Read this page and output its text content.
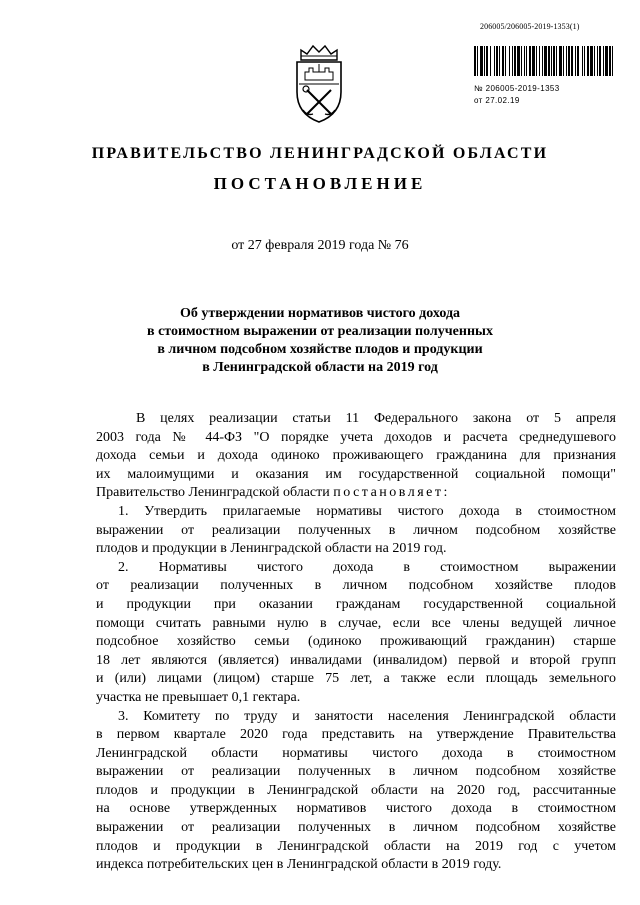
206005/206005-2019-1353(1)
№ 206005-2019-1353
от 27.02.19
ПРАВИТЕЛЬСТВО ЛЕНИНГРАДСКОЙ ОБЛАСТИ
ПОСТАНОВЛЕНИЕ
от 27 февраля 2019 года № 76
Об утверждении нормативов чистого дохода
в стоимостном выражении от реализации полученных
в личном подсобном хозяйстве плодов и продукции
в Ленинградской области на 2019 год
В целях реализации статьи 11 Федерального закона от 5 апреля
2003 года № 44-ФЗ "О порядке учета доходов и расчета среднедушевого
дохода семьи и дохода одиноко проживающего гражданина для признания
их малоимущими и оказания им государственной социальной помощи"
Правительство Ленинградской области постановляет:
1. Утвердить прилагаемые нормативы чистого дохода в стоимостном
выражении от реализации полученных в личном подсобном хозяйстве
плодов и продукции в Ленинградской области на 2019 год.
2. Нормативы чистого дохода в стоимостном выражении
от реализации полученных в личном подсобном хозяйстве плодов
и продукции при оказании гражданам государственной социальной
помощи считать равными нулю в случае, если все члены ведущей личное
подсобное хозяйство семьи (одиноко проживающий гражданин) старше
18 лет являются (является) инвалидами (инвалидом) первой и второй групп
и (или) лицами (лицом) старше 75 лет, а также если площадь земельного
участка не превышает 0,1 гектара.
3. Комитету по труду и занятости населения Ленинградской области
в первом квартале 2020 года представить на утверждение Правительства
Ленинградской области нормативы чистого дохода в стоимостном
выражении от реализации полученных в личном подсобном хозяйстве
плодов и продукции в Ленинградской области на 2020 год, рассчитанные
на основе утвержденных нормативов чистого дохода в стоимостном
выражении от реализации полученных в личном подсобном хозяйстве
плодов и продукции в Ленинградской области на 2019 год с учетом
индекса потребительских цен в Ленинградской области в 2019 году.
